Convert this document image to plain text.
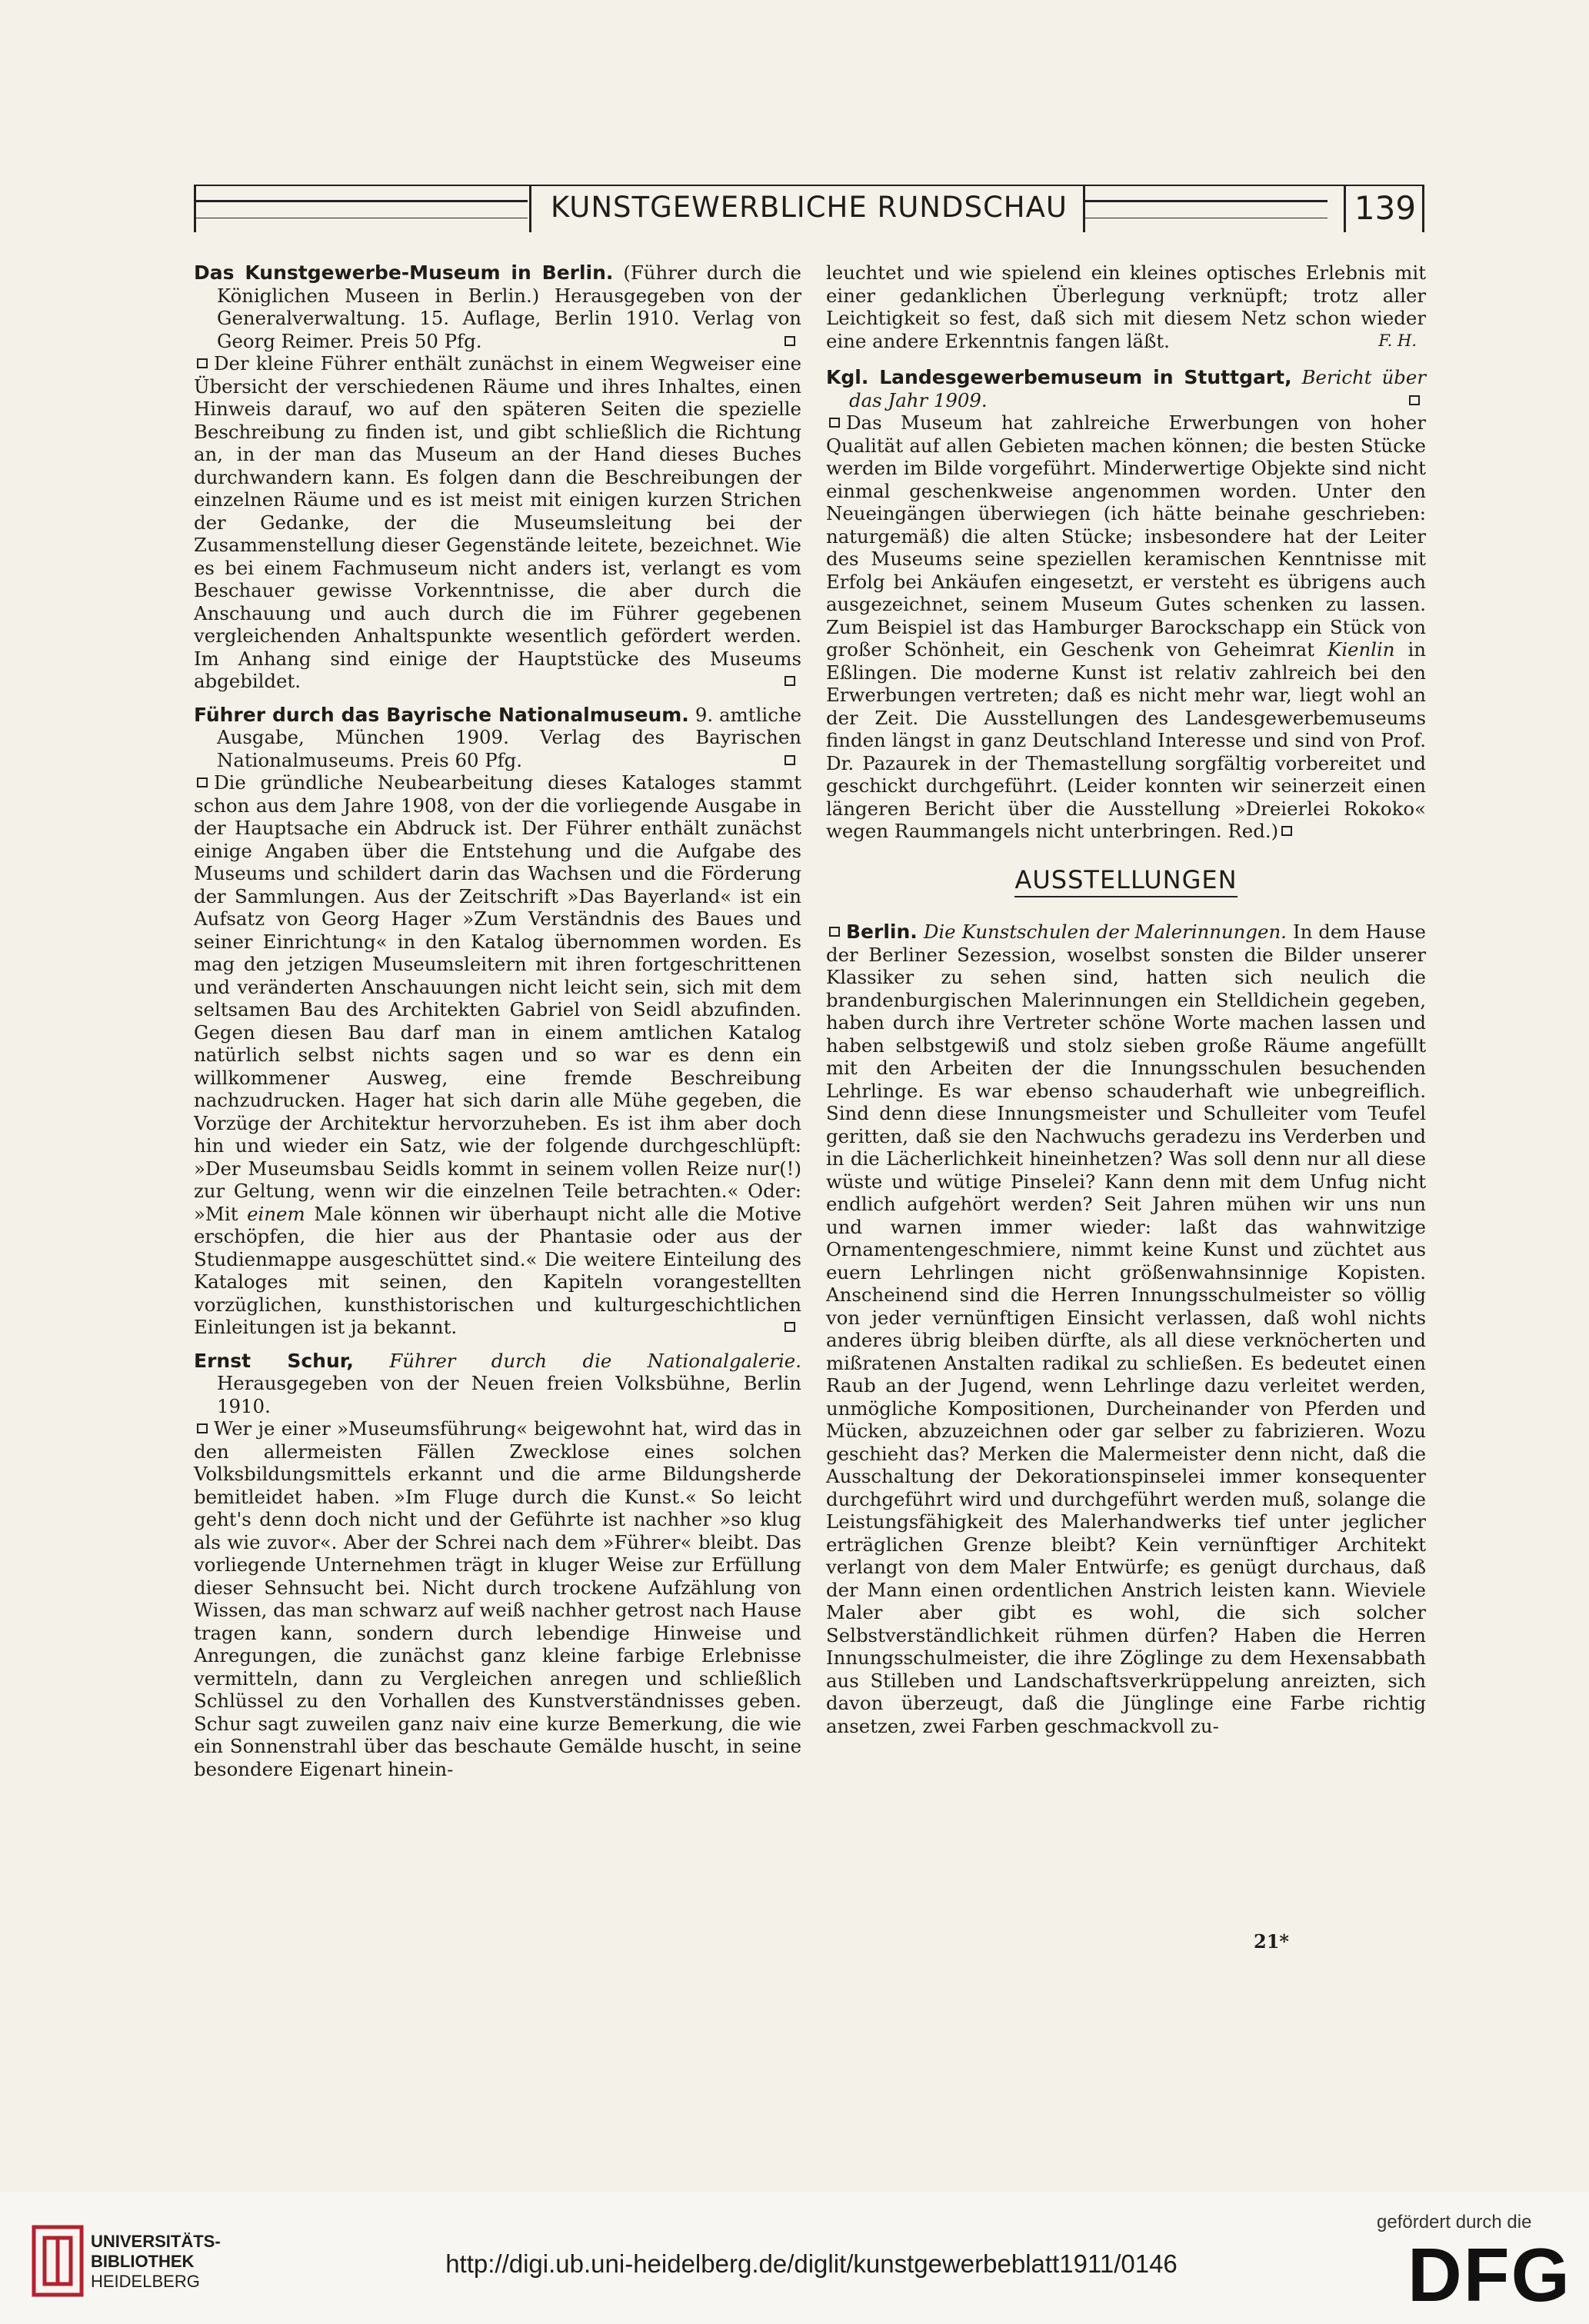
KUNSTGEWERBLICHE RUNDSCHAU	139

Das Kunstgewerbe-Museum in Berlin. (Führer durch die Königlichen Museen in Berlin.) Herausgegeben von der Generalverwaltung. 15. Auflage, Berlin 1910. Verlag von Georg Reimer. Preis 50 Pfg.

Der kleine Führer enthält zunächst in einem Wegweiser eine Übersicht der verschiedenen Räume und ihres Inhaltes, einen Hinweis darauf, wo auf den späteren Seiten die spezielle Beschreibung zu finden ist, und gibt schließlich die Richtung an, in der man das Museum an der Hand dieses Buches durchwandern kann. Es folgen dann die Beschreibungen der einzelnen Räume und es ist meist mit einigen kurzen Strichen der Gedanke, der die Museumsleitung bei der Zusammenstellung dieser Gegenstände leitete, bezeichnet. Wie es bei einem Fachmuseum nicht anders ist, verlangt es vom Beschauer gewisse Vorkenntnisse, die aber durch die Anschauung und auch durch die im Führer gegebenen vergleichenden Anhaltspunkte wesentlich gefördert werden. Im Anhang sind einige der Hauptstücke des Museums abgebildet.

Führer durch das Bayrische Nationalmuseum. 9. amtliche Ausgabe, München 1909. Verlag des Bayrischen Nationalmuseums. Preis 60 Pfg.

Die gründliche Neubearbeitung dieses Kataloges stammt schon aus dem Jahre 1908, von der die vorliegende Ausgabe in der Hauptsache ein Abdruck ist. Der Führer enthält zunächst einige Angaben über die Entstehung und die Aufgabe des Museums und schildert darin das Wachsen und die Förderung der Sammlungen. Aus der Zeitschrift »Das Bayerland« ist ein Aufsatz von Georg Hager »Zum Verständnis des Baues und seiner Einrichtung« in den Katalog übernommen worden. Es mag den jetzigen Museumsleitern mit ihren fortgeschrittenen und veränderten Anschauungen nicht leicht sein, sich mit dem seltsamen Bau des Architekten Gabriel von Seidl abzufinden. Gegen diesen Bau darf man in einem amtlichen Katalog natürlich selbst nichts sagen und so war es denn ein willkommener Ausweg, eine fremde Beschreibung nachzudrucken. Hager hat sich darin alle Mühe gegeben, die Vorzüge der Architektur hervorzuheben. Es ist ihm aber doch hin und wieder ein Satz, wie der folgende durchgeschlüpft: »Der Museumsbau Seidls kommt in seinem vollen Reize nur(!) zur Geltung, wenn wir die einzelnen Teile betrachten.« Oder: »Mit einem Male können wir überhaupt nicht alle die Motive erschöpfen, die hier aus der Phantasie oder aus der Studienmappe ausgeschüttet sind.« Die weitere Einteilung des Kataloges mit seinen, den Kapiteln vorangestellten vorzüglichen, kunsthistorischen und kulturgeschichtlichen Einleitungen ist ja bekannt.

Ernst Schur, Führer durch die Nationalgalerie. Herausgegeben von der Neuen freien Volksbühne, Berlin 1910.

Wer je einer »Museumsführung« beigewohnt hat, wird das in den allermeisten Fällen Zwecklose eines solchen Volksbildungsmittels erkannt und die arme Bildungsherde bemitleidet haben. »Im Fluge durch die Kunst.« So leicht geht's denn doch nicht und der Geführte ist nachher »so klug als wie zuvor«. Aber der Schrei nach dem »Führer« bleibt. Das vorliegende Unternehmen trägt in kluger Weise zur Erfüllung dieser Sehnsucht bei. Nicht durch trockene Aufzählung von Wissen, das man schwarz auf weiß nachher getrost nach Hause tragen kann, sondern durch lebendige Hinweise und Anregungen, die zunächst ganz kleine farbige Erlebnisse vermitteln, dann zu Vergleichen anregen und schließlich Schlüssel zu den Vorhallen des Kunstverständnisses geben. Schur sagt zuweilen ganz naiv eine kurze Bemerkung, die wie ein Sonnenstrahl über das beschaute Gemälde huscht, in seine besondere Eigenart hinein-

leuchtet und wie spielend ein kleines optisches Erlebnis mit einer gedanklichen Überlegung verknüpft; trotz aller Leichtigkeit so fest, daß sich mit diesem Netz schon wieder eine andere Erkenntnis fangen läßt.	F. H.

Kgl. Landesgewerbemuseum in Stuttgart, Bericht über das Jahr 1909.

Das Museum hat zahlreiche Erwerbungen von hoher Qualität auf allen Gebieten machen können; die besten Stücke werden im Bilde vorgeführt. Minderwertige Objekte sind nicht einmal geschenkweise angenommen worden. Unter den Neueingängen überwiegen (ich hätte beinahe geschrieben: naturgemäß) die alten Stücke; insbesondere hat der Leiter des Museums seine speziellen keramischen Kenntnisse mit Erfolg bei Ankäufen eingesetzt, er versteht es übrigens auch ausgezeichnet, seinem Museum Gutes schenken zu lassen. Zum Beispiel ist das Hamburger Barockschapp ein Stück von großer Schönheit, ein Geschenk von Geheimrat Kienlin in Eßlingen. Die moderne Kunst ist relativ zahlreich bei den Erwerbungen vertreten; daß es nicht mehr war, liegt wohl an der Zeit. Die Ausstellungen des Landesgewerbemuseums finden längst in ganz Deutschland Interesse und sind von Prof. Dr. Pazaurek in der Themastellung sorgfältig vorbereitet und geschickt durchgeführt. (Leider konnten wir seinerzeit einen längeren Bericht über die Ausstellung »Dreierlei Rokoko« wegen Raummangels nicht unterbringen. Red.)

AUSSTELLUNGEN

Berlin. Die Kunstschulen der Malerinnungen. In dem Hause der Berliner Sezession, woselbst sonsten die Bilder unserer Klassiker zu sehen sind, hatten sich neulich die brandenburgischen Malerinnungen ein Stelldichein gegeben, haben durch ihre Vertreter schöne Worte machen lassen und haben selbstgewiß und stolz sieben große Räume angefüllt mit den Arbeiten der die Innungsschulen besuchenden Lehrlinge. Es war ebenso schauderhaft wie unbegreiflich. Sind denn diese Innungsmeister und Schulleiter vom Teufel geritten, daß sie den Nachwuchs geradezu ins Verderben und in die Lächerlichkeit hineinhetzen? Was soll denn nur all diese wüste und wütige Pinselei? Kann denn mit dem Unfug nicht endlich aufgehört werden? Seit Jahren mühen wir uns nun und warnen immer wieder: laßt das wahnwitzige Ornamentengeschmiere, nimmt keine Kunst und züchtet aus euern Lehrlingen nicht größenwahnsinnige Kopisten. Anscheinend sind die Herren Innungsschulmeister so völlig von jeder vernünftigen Einsicht verlassen, daß wohl nichts anderes übrig bleiben dürfte, als all diese verknöcherten und mißratenen Anstalten radikal zu schließen. Es bedeutet einen Raub an der Jugend, wenn Lehrlinge dazu verleitet werden, unmögliche Kompositionen, Durcheinander von Pferden und Mücken, abzuzeichnen oder gar selber zu fabrizieren. Wozu geschieht das? Merken die Malermeister denn nicht, daß die Ausschaltung der Dekorationspinselei immer konsequenter durchgeführt wird und durchgeführt werden muß, solange die Leistungsfähigkeit des Malerhandwerks tief unter jeglicher erträglichen Grenze bleibt? Kein vernünftiger Architekt verlangt von dem Maler Entwürfe; es genügt durchaus, daß der Mann einen ordentlichen Anstrich leisten kann. Wieviele Maler aber gibt es wohl, die sich solcher Selbstverständlichkeit rühmen dürfen? Haben die Herren Innungsschulmeister, die ihre Zöglinge zu dem Hexensabbath aus Stilleben und Landschaftsverkrüppelung anreizten, sich davon überzeugt, daß die Jünglinge eine Farbe richtig ansetzen, zwei Farben geschmackvoll zu-

21*
UNIVERSITÄTS-
BIBLIOTHEK
HEIDELBERG
http://digi.ub.uni-heidelberg.de/diglit/kunstgewerbeblatt1911/0146
gefördert durch die
DFG
